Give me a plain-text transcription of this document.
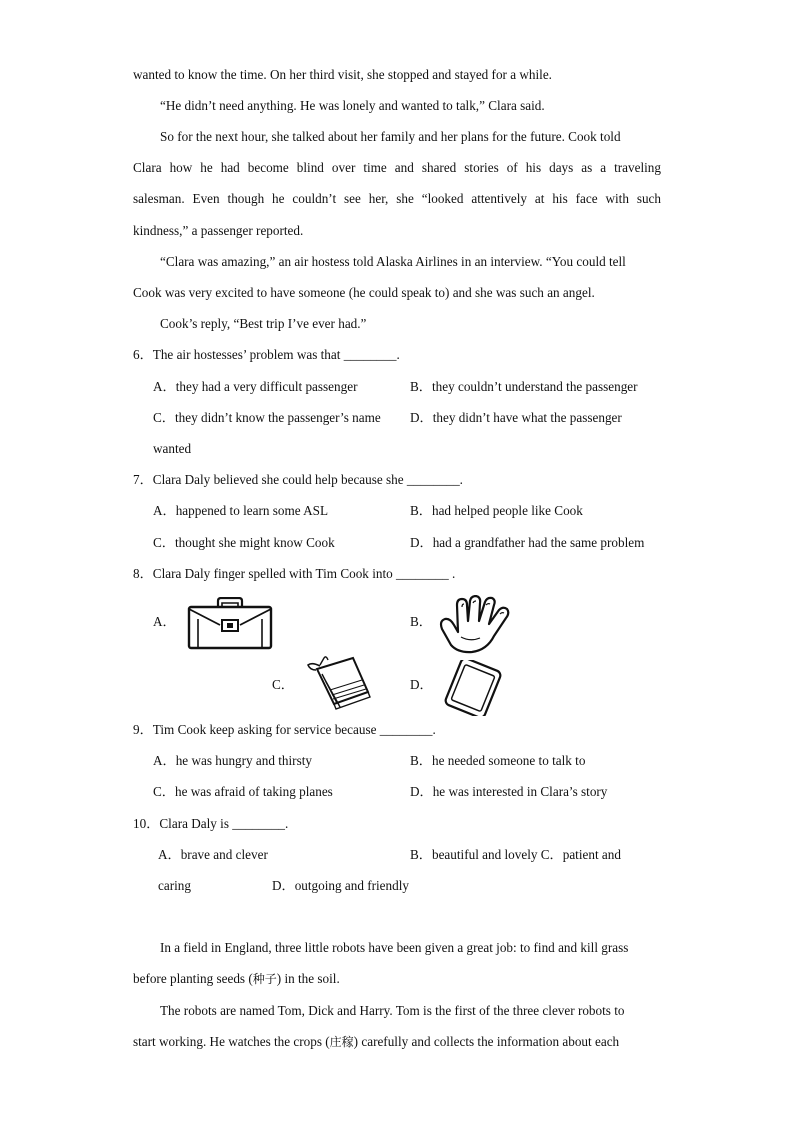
wanted to know the time. On her third visit, she stopped and stayed for a while.
“He didn’t need anything. He was lonely and wanted to talk,” Clara said.
So for the next hour, she talked about her family and her plans for the future. Cook told
Clara how he had become blind over time and shared stories of his days as a traveling
salesman. Even though he couldn’t see her, she “looked attentively at his face with such
kindness,” a passenger reported.
“Clara was amazing,” an air hostess told Alaska Airlines in an interview. “You could tell
Cook was very excited to have someone (he could speak to) and she was such an angel.
Cook’s reply, “Best trip I’ve ever had.”
6．The air hostesses’ problem was that ________.
A．they had a very difficult passenger	B．they couldn’t understand the passenger
C．they didn’t know the passenger’s name D．they didn’t have what the passenger
wanted
7．Clara Daly believed she could help because she ________.
A．happened to learn some ASL	B．had helped people like Cook
C．thought she might know Cook	D．had a grandfather had the same problem
8．Clara Daly finger spelled with Tim Cook into ________ .
A．	B．
C．	D．
9．Tim Cook keep asking for service because ________.
A．he was hungry and thirsty	B．he needed someone to talk to
C．he was afraid of taking planes	D．he was interested in Clara’s story
10．Clara Daly is ________.
A．brave and clever	B．beautiful and lovely C．patient and
caring	D．outgoing and friendly
In a field in England, three little robots have been given a great job: to find and kill grass
before planting seeds (种子) in the soil.
The robots are named Tom, Dick and Harry. Tom is the first of the three clever robots to
start working. He watches the crops (庄稼) carefully and collects the information about each
